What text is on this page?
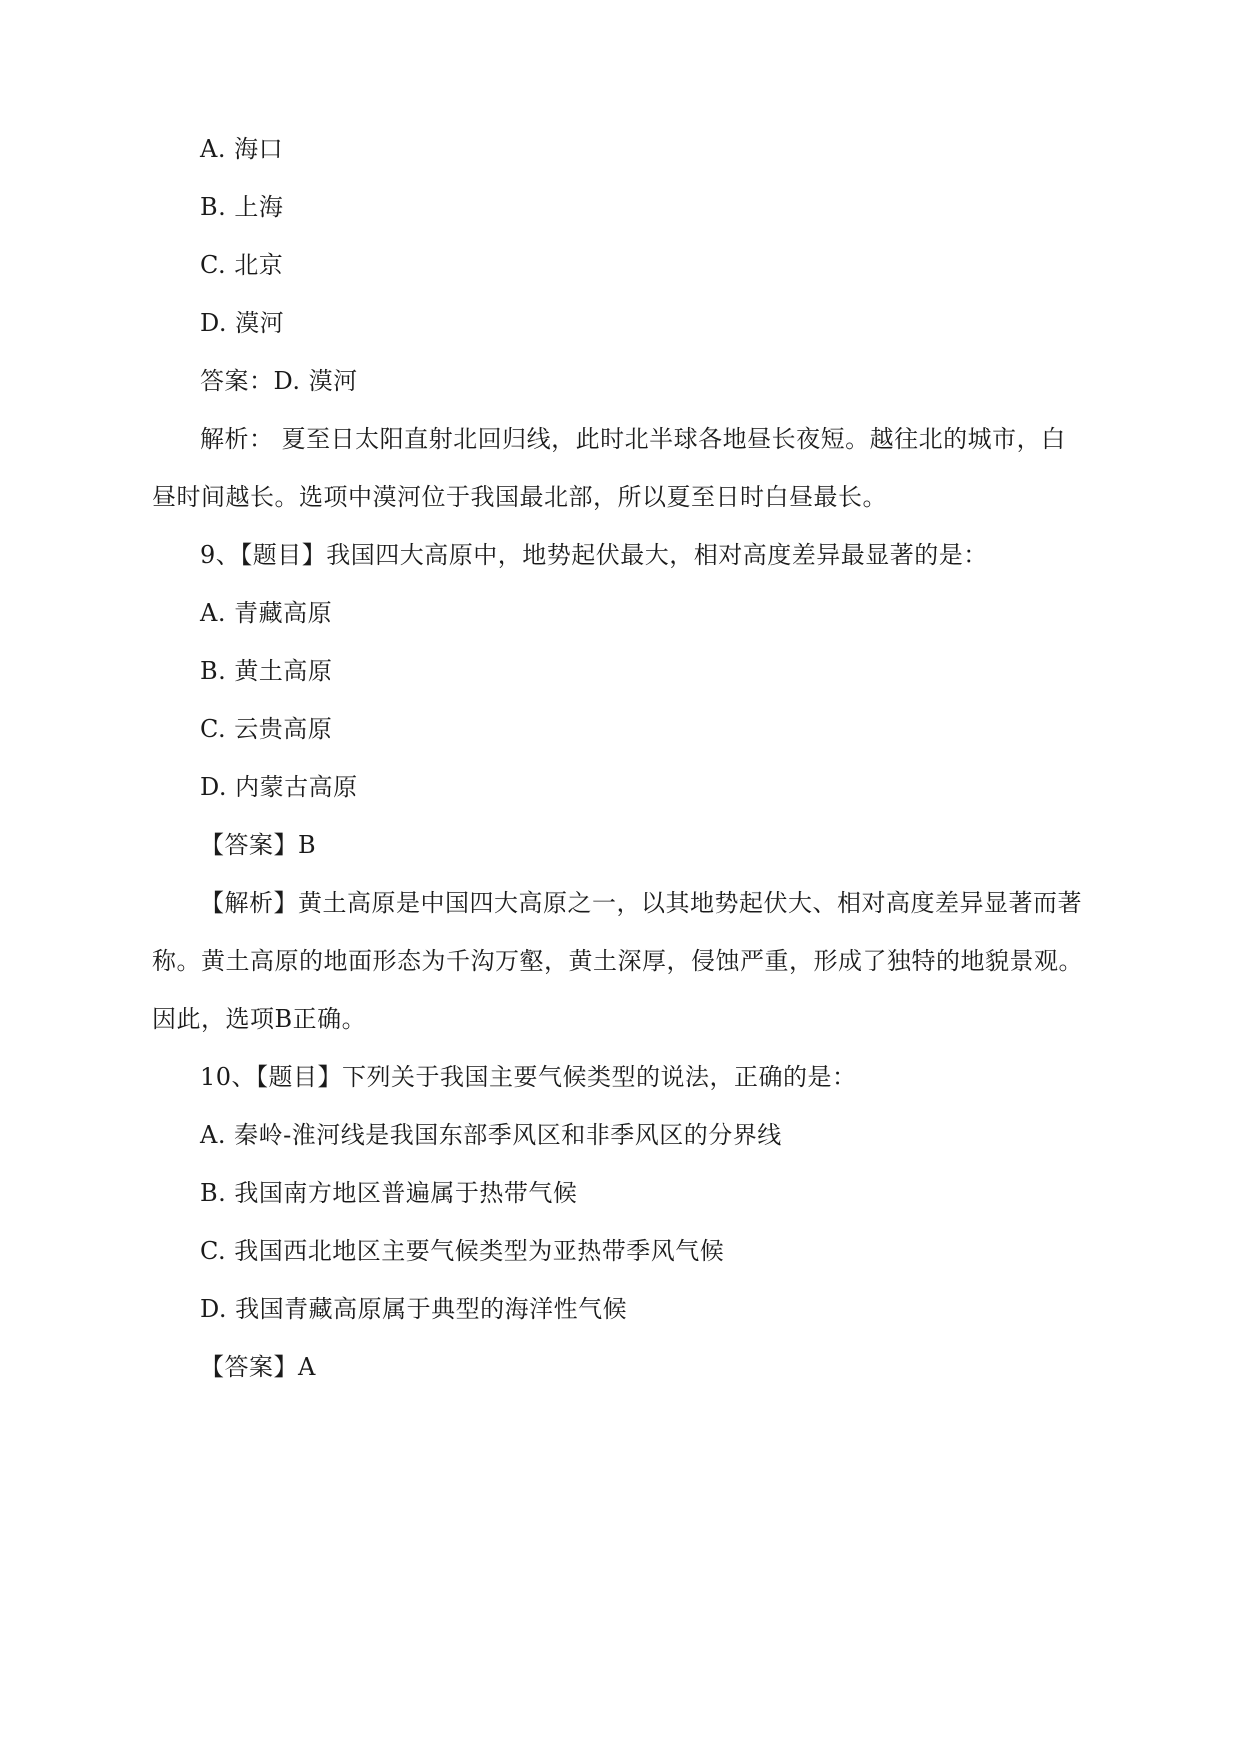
A. 海口
B. 上海
C. 北京
D. 漠河
答案：D. 漠河
解析： 夏至日太阳直射北回归线，此时北半球各地昼长夜短。越往北的城市，白
昼时间越长。选项中漠河位于我国最北部，所以夏至日时白昼最长。
9、【题目】我国四大高原中，地势起伏最大，相对高度差异最显著的是：
A. 青藏高原
B. 黄土高原
C. 云贵高原
D. 内蒙古高原
【答案】B
【解析】黄土高原是中国四大高原之一，以其地势起伏大、相对高度差异显著而著
称。黄土高原的地面形态为千沟万壑，黄土深厚，侵蚀严重，形成了独特的地貌景观。
因此，选项B正确。
10、【题目】下列关于我国主要气候类型的说法，正确的是：
A. 秦岭-淮河线是我国东部季风区和非季风区的分界线
B. 我国南方地区普遍属于热带气候
C. 我国西北地区主要气候类型为亚热带季风气候
D. 我国青藏高原属于典型的海洋性气候
【答案】A
